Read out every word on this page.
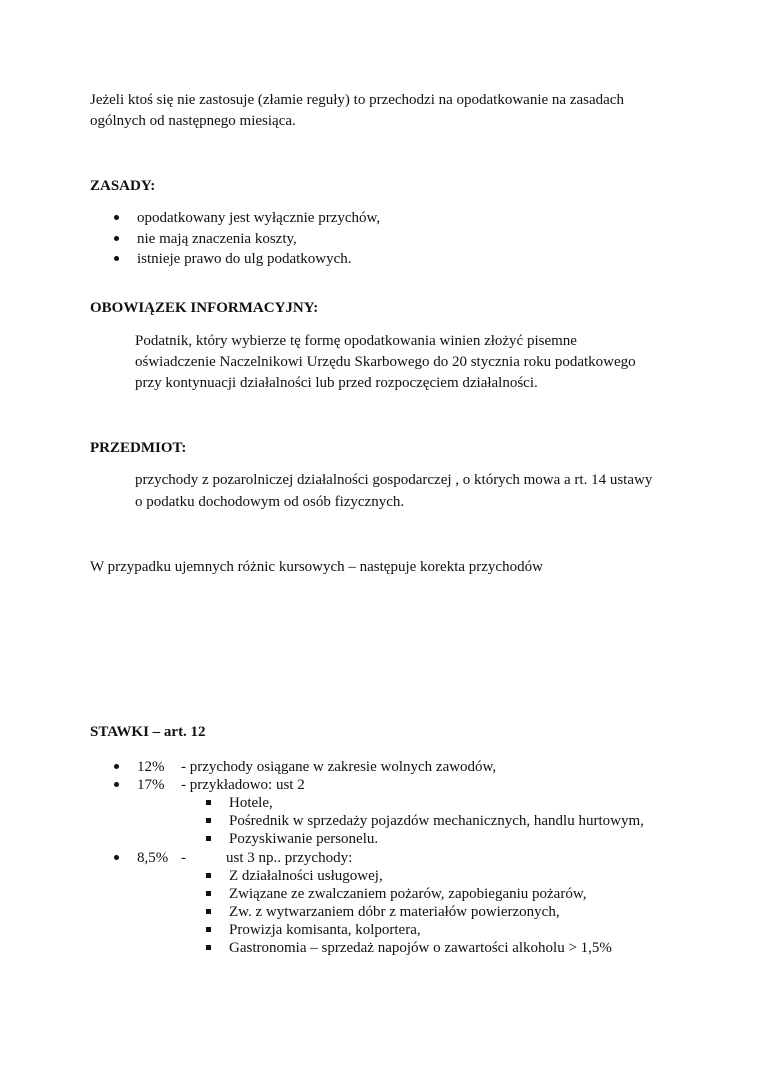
Jeżeli ktoś się nie zastosuje (złamie reguły) to przechodzi na opodatkowanie na zasadach
ogólnych od następnego miesiąca.
ZASADY:
opodatkowany jest wyłącznie przychów,
nie mają znaczenia koszty,
istnieje prawo do ulg podatkowych.
OBOWIĄZEK INFORMACYJNY:
Podatnik, który wybierze tę formę opodatkowania winien złożyć pisemne
oświadczenie Naczelnikowi Urzędu Skarbowego do 20 stycznia roku podatkowego
przy kontynuacji działalności lub przed rozpoczęciem działalności.
PRZEDMIOT:
przychody z pozarolniczej działalności gospodarczej , o których mowa a rt. 14 ustawy
o podatku dochodowym od osób fizycznych.
W przypadku ujemnych różnic kursowych – następuje korekta przychodów
STAWKI – art. 12
12% - przychody osiągane w zakresie wolnych zawodów,
17% - przykładowo: ust 2
Hotele,
Pośrednik w sprzedaży pojazdów mechanicznych, handlu hurtowym,
Pozyskiwanie personelu.
8,5% -	ust 3 np.. przychody:
Z działalności usługowej,
Związane ze zwalczaniem pożarów, zapobieganiu pożarów,
Zw. z wytwarzaniem dóbr z materiałów powierzonych,
Prowizja komisanta, kolportera,
Gastronomia – sprzedaż napojów o zawartości alkoholu > 1,5%
